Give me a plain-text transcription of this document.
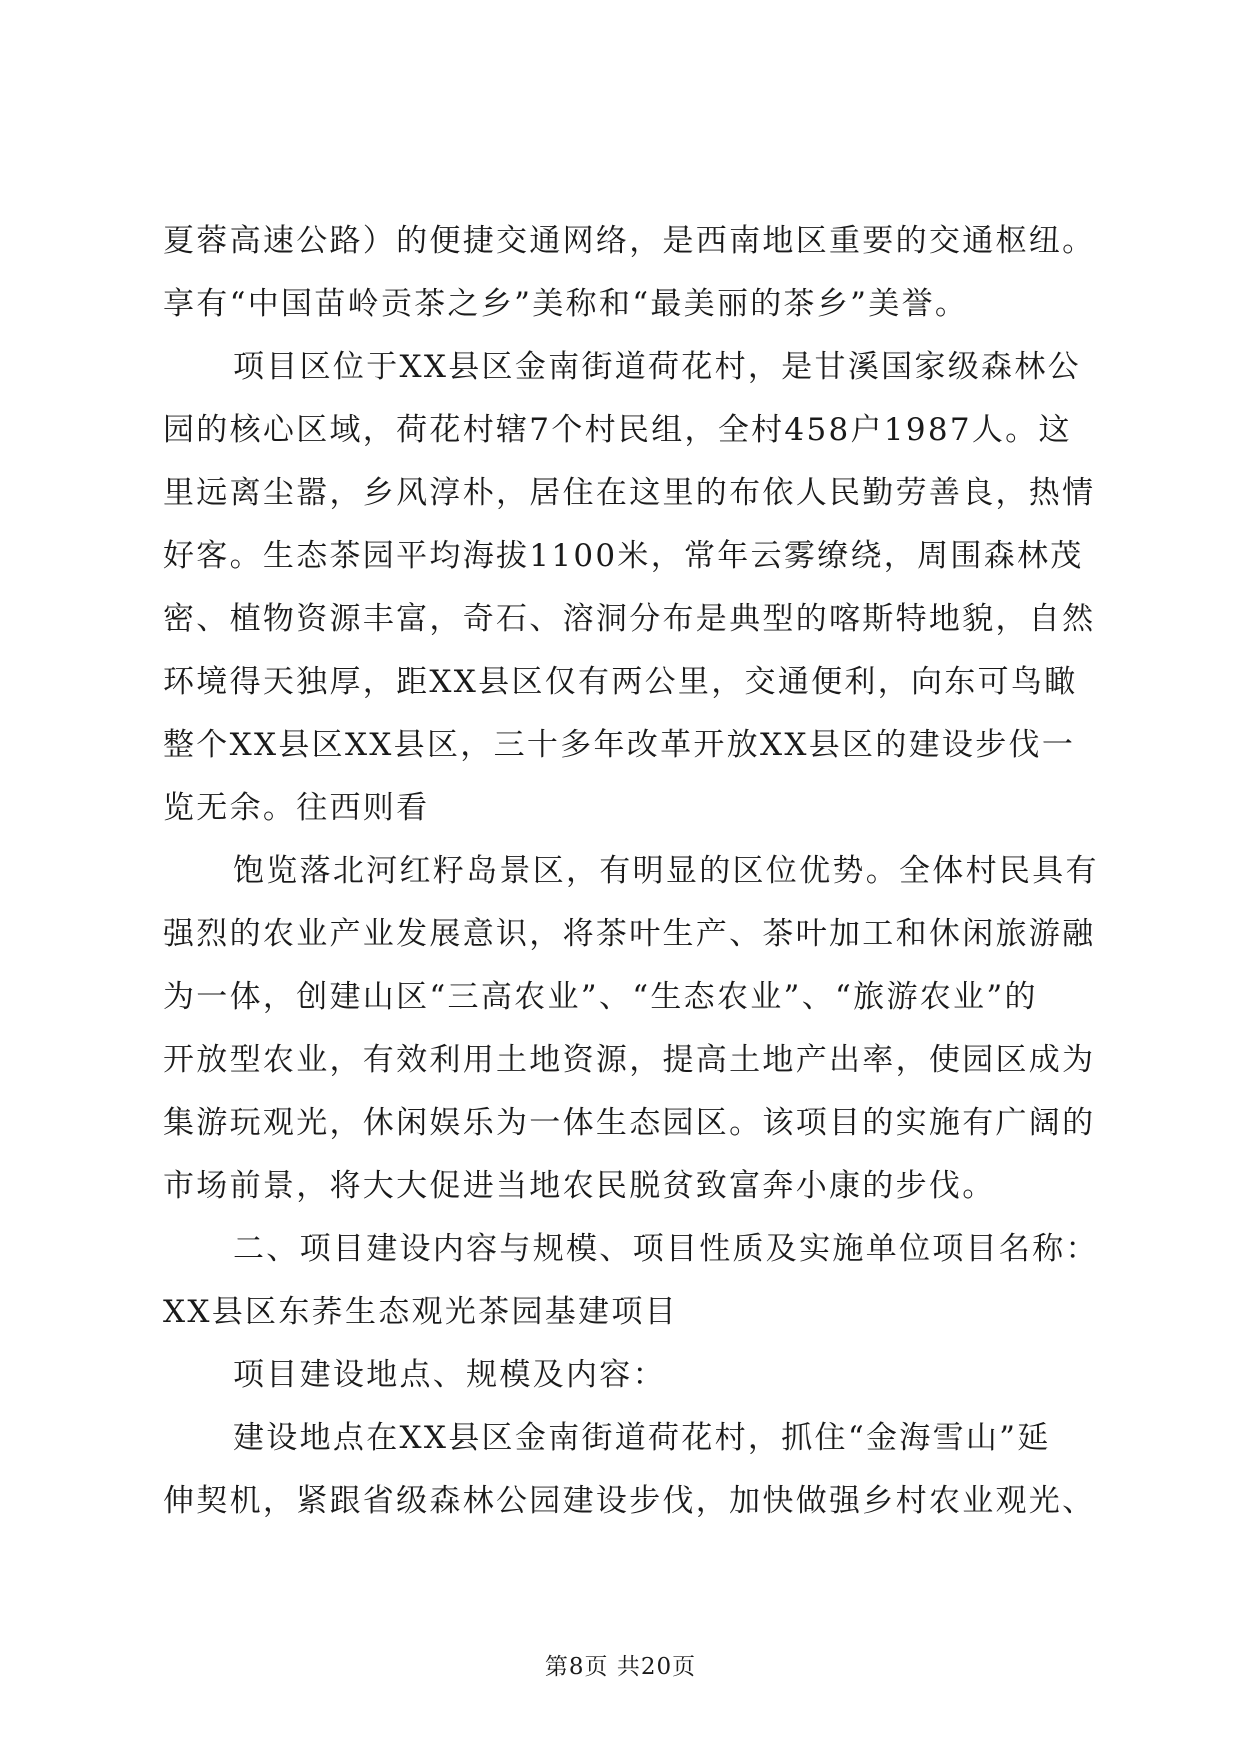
夏蓉高速公路）的便捷交通网络，是西南地区重要的交通枢纽。
享有“中国苗岭贡茶之乡”美称和“最美丽的茶乡”美誉。
项目区位于XX县区金南街道荷花村，是甘溪国家级森林公
园的核心区域，荷花村辖7个村民组，全村458户1987人。这
里远离尘嚣，乡风淳朴，居住在这里的布依人民勤劳善良，热情
好客。生态茶园平均海拔1100米，常年云雾缭绕，周围森林茂
密、植物资源丰富，奇石、溶洞分布是典型的喀斯特地貌，自然
环境得天独厚，距XX县区仅有两公里，交通便利，向东可鸟瞰
整个XX县区XX县区，三十多年改革开放XX县区的建设步伐一
览无余。往西则看
饱览落北河红籽岛景区，有明显的区位优势。全体村民具有
强烈的农业产业发展意识，将茶叶生产、茶叶加工和休闲旅游融
为一体，创建山区“三高农业”、“生态农业”、“旅游农业”的
开放型农业，有效利用土地资源，提高土地产出率，使园区成为
集游玩观光，休闲娱乐为一体生态园区。该项目的实施有广阔的
市场前景，将大大促进当地农民脱贫致富奔小康的步伐。
二、项目建设内容与规模、项目性质及实施单位项目名称：
XX县区东荞生态观光茶园基建项目
项目建设地点、规模及内容：
建设地点在XX县区金南街道荷花村，抓住“金海雪山”延
伸契机，紧跟省级森林公园建设步伐，加快做强乡村农业观光、
第8页 共20页
